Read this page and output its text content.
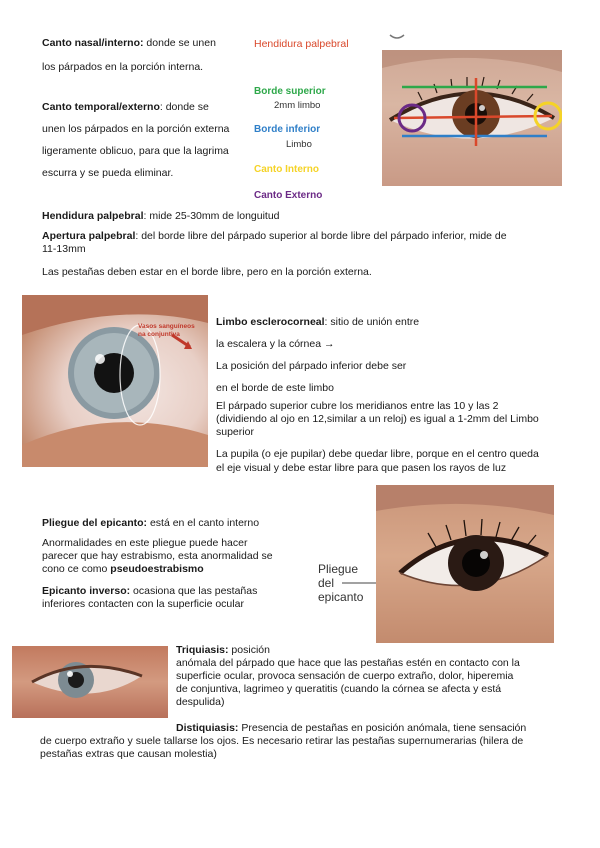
Canto nasal/interno: donde se unen

los párpados en la porción interna.

Canto temporal/externo: donde se

unen los párpados en la porción externa

ligeramente oblicuo, para que la lagrima

escurra y se pueda eliminar.

Hendidura palpebral
Borde superior
2mm limbo
Borde inferior
Limbo
Canto Interno
Canto Externo
Hendidura palpebral: mide 25-30mm de longuitud

Apertura palpebral: del borde libre del párpado superior al borde libre del párpado inferior, mide de

11-13mm

Las pestañas deben estar en el borde libre, pero en la porción externa.
Vasos sanguíneos
na conjuntiva

Limbo esclerocorneal: sitio de unión entre

la escalera y la córnea →

La posición del párpado inferior debe ser

en el borde de este limbo

El párpado superior cubre los meridianos entre las 10 y las 2

(dividiendo al ojo en 12,similar a un reloj) es igual a 1-2mm del Limbo

superior

La pupila (o eje pupilar) debe quedar libre, porque en el centro queda

el eje visual y debe estar libre para que pasen los rayos de luz

Pliegue del epicanto: está en el canto interno

Anormalidades en este pliegue puede hacer

parecer que hay estrabismo, esta anormalidad se

cono ce como pseudoestrabismo

Epicanto inverso: ocasiona que las pestañas

inferiores contacten con la superficie ocular

Pliegue

del

epicanto

Triquiasis: posición

anómala del párpado que hace que las pestañas estén en contacto con la

superficie ocular, provoca sensación de cuerpo extraño, dolor, hiperemia

de conjuntiva, lagrimeo y queratitis (cuando la córnea se afecta y está

despulida)

Distiquiasis: Presencia de pestañas en posición anómala, tiene sensación

de cuerpo extraño y suele tallarse los ojos. Es necesario retirar las pestañas supernumerarias (hilera de

pestañas extras que causan molestia)
